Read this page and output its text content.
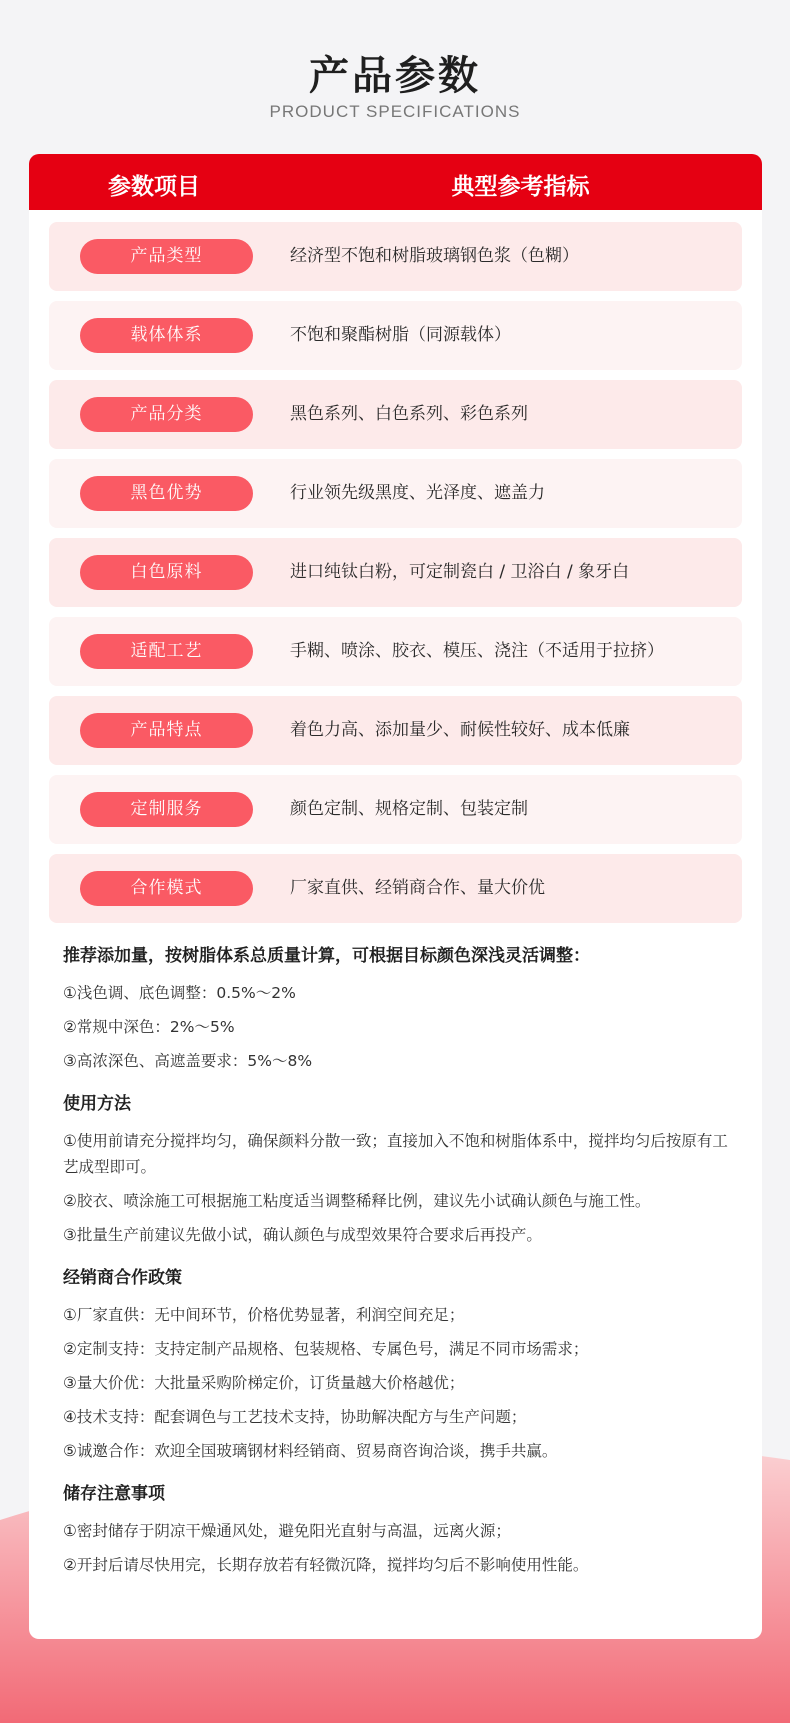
产品参数
PRODUCT SPECIFICATIONS
参数项目	典型参考指标
产品类型	经济型不饱和树脂玻璃钢色浆（色糊）
载体体系	不饱和聚酯树脂（同源载体）
产品分类	黑色系列、白色系列、彩色系列
黑色优势	行业领先级黑度、光泽度、遮盖力
白色原料	进口纯钛白粉，可定制瓷白 / 卫浴白 / 象牙白
适配工艺	手糊、喷涂、胶衣、模压、浇注（不适用于拉挤）
产品特点	着色力高、添加量少、耐候性较好、成本低廉
定制服务	颜色定制、规格定制、包装定制
合作模式	厂家直供、经销商合作、量大价优
推荐添加量，按树脂体系总质量计算，可根据目标颜色深浅灵活调整：
①浅色调、底色调整：0.5%～2%
②常规中深色：2%～5%
③高浓深色、高遮盖要求：5%～8%
使用方法
①使用前请充分搅拌均匀，确保颜料分散一致；直接加入不饱和树脂体系中，搅拌均匀后按原有工艺成型即可。
②胶衣、喷涂施工可根据施工粘度适当调整稀释比例，建议先小试确认颜色与施工性。
③批量生产前建议先做小试，确认颜色与成型效果符合要求后再投产。
经销商合作政策
①厂家直供：无中间环节，价格优势显著，利润空间充足；
②定制支持：支持定制产品规格、包装规格、专属色号，满足不同市场需求；
③量大价优：大批量采购阶梯定价，订货量越大价格越优；
④技术支持：配套调色与工艺技术支持，协助解决配方与生产问题；
⑤诚邀合作：欢迎全国玻璃钢材料经销商、贸易商咨询洽谈，携手共赢。
储存注意事项
①密封储存于阴凉干燥通风处，避免阳光直射与高温，远离火源；
②开封后请尽快用完，长期存放若有轻微沉降，搅拌均匀后不影响使用性能。
